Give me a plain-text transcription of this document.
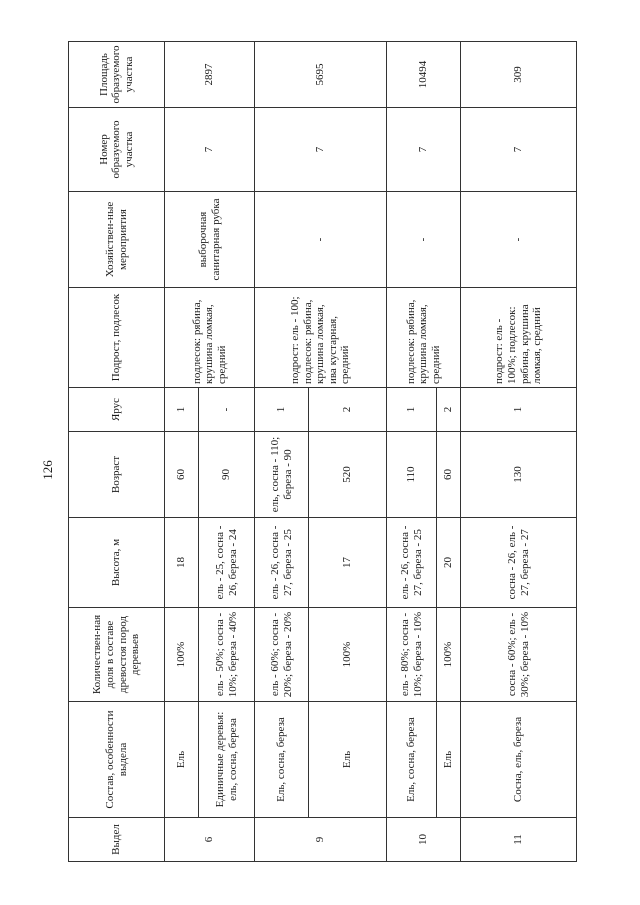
126
Выдел	Состав, особенности выдела	Количествен-ная доля в составе древостоя пород деревьев	Высота, м	Возраст	Ярус	Подрост, подлесок	Хозяйствен-ные мероприятия	Номер образуемого участка	Площадь образуемого участка
6	Ель	100%	18	60	1	подлесок: рябина, крушина ломкая, средний	выборочная санитарная рубка	7	2897
	Единичные деревья: ель, сосна, береза	ель - 50%; сосна - 10%; береза - 40%	ель - 25, сосна - 26, береза - 24	90	-				
9	Ель, сосна, береза	ель - 60%; сосна - 20%; береза - 20%	ель - 26, сосна - 27, береза - 25	ель, сосна - 110; береза - 90	1	подрост: ель - 100; подлесок: рябина, крушина ломкая, ива кустарная, средний	-	7	5695
	Ель	100%	17	520	2				
10	Ель, сосна, береза	ель - 80%; сосна - 10%; береза - 10%	ель - 26, сосна - 27, береза - 25	110	1	подлесок: рябина, крушина ломкая, средний	-	7	10494
	Ель	100%	20	60	2				
11	Сосна, ель, береза	сосна - 60%; ель - 30%; береза - 10%	сосна - 26, ель - 27, береза - 27	130	1	подрост: ель - 100%; подлесок: рябина, крушина ломкая, средний	-	7	309
